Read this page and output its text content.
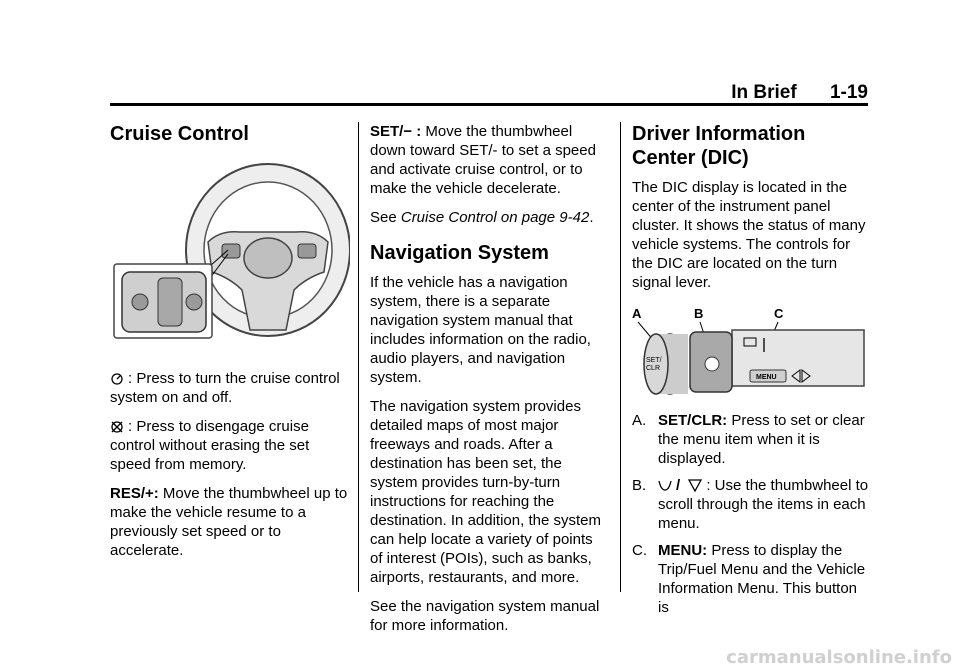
In Brief 1-19
Cruise Control

: Press to turn the cruise control system on and off.

: Press to disengage cruise control without erasing the set speed from memory.

RES/+: Move the thumbwheel up to make the vehicle resume to a previously set speed or to accelerate.

SET/− : Move the thumbwheel down toward SET/- to set a speed and activate cruise control, or to make the vehicle decelerate.

See Cruise Control on page 9‑42.

Navigation System

If the vehicle has a navigation system, there is a separate navigation system manual that includes information on the radio, audio players, and navigation system.

The navigation system provides detailed maps of most major freeways and roads. After a destination has been set, the system provides turn-by-turn instructions for reaching the destination. In addition, the system can help locate a variety of points of interest (POIs), such as banks, airports, restaurants, and more.

See the navigation system manual for more information.

Driver Information Center (DIC)

The DIC display is located in the center of the instrument panel cluster. It shows the status of many vehicle systems. The controls for the DIC are located on the turn signal lever.

A	B	C
SET/
CLR
MENU
A. SET/CLR: Press to set or clear the menu item when it is displayed.
B.	/ : Use the thumbwheel to scroll through the items in each menu.
C. MENU: Press to display the Trip/Fuel Menu and the Vehicle Information Menu. This button is
carmanualsonline.info
